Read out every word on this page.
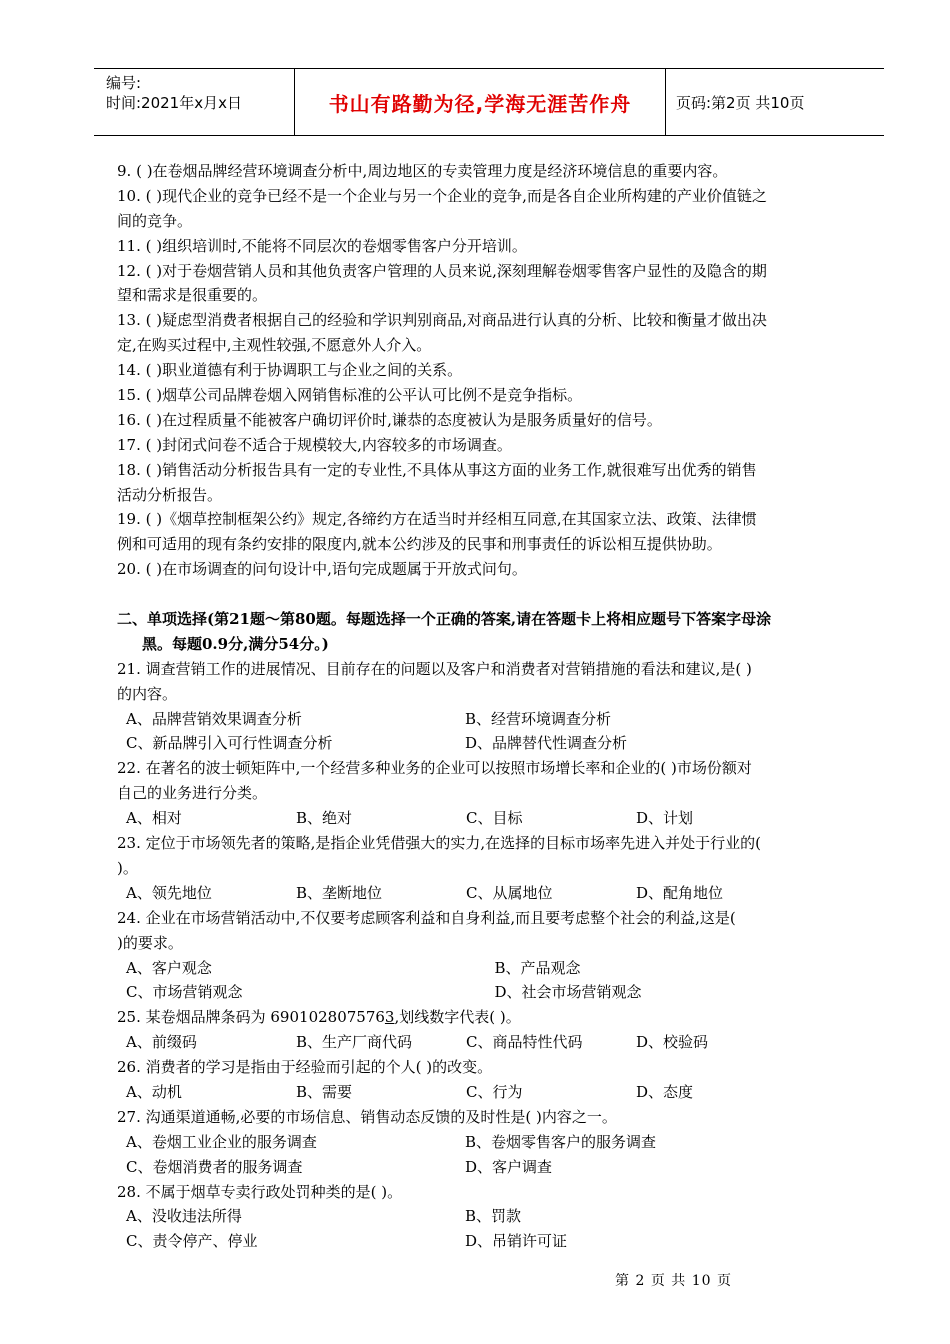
编号:
时间:2021年x月x日	书山有路勤为径,学海无涯苦作舟	页码:第2页 共10页
9. ( )在卷烟品牌经营环境调查分析中,周边地区的专卖管理力度是经济环境信息的重要内容。
10. ( )现代企业的竞争已经不是一个企业与另一个企业的竞争,而是各自企业所构建的产业价值链之
间的竞争。
11. ( )组织培训时,不能将不同层次的卷烟零售客户分开培训。
12. ( )对于卷烟营销人员和其他负责客户管理的人员来说,深刻理解卷烟零售客户显性的及隐含的期
望和需求是很重要的。
13. ( )疑虑型消费者根据自己的经验和学识判别商品,对商品进行认真的分析、比较和衡量才做出决
定,在购买过程中,主观性较强,不愿意外人介入。
14. ( )职业道德有利于协调职工与企业之间的关系。
15. ( )烟草公司品牌卷烟入网销售标准的公平认可比例不是竞争指标。
16. ( )在过程质量不能被客户确切评价时,谦恭的态度被认为是服务质量好的信号。
17. ( )封闭式问卷不适合于规模较大,内容较多的市场调查。
18. ( )销售活动分析报告具有一定的专业性,不具体从事这方面的业务工作,就很难写出优秀的销售
活动分析报告。
19. ( )《烟草控制框架公约》规定,各缔约方在适当时并经相互同意,在其国家立法、政策、法律惯
例和可适用的现有条约安排的限度内,就本公约涉及的民事和刑事责任的诉讼相互提供协助。
20. ( )在市场调查的问句设计中,语句完成题属于开放式问句。
二、单项选择(第21题～第80题。每题选择一个正确的答案,请在答题卡上将相应题号下答案字母涂
黑。每题0.9分,满分54分。)
21. 调查营销工作的进展情况、目前存在的问题以及客户和消费者对营销措施的看法和建议,是( )
的内容。
A、品牌营销效果调查分析	B、经营环境调查分析
C、新品牌引入可行性调查分析	D、品牌替代性调查分析
22. 在著名的波士顿矩阵中,一个经营多种业务的企业可以按照市场增长率和企业的( )市场份额对
自己的业务进行分类。
A、相对	B、绝对	C、目标	D、计划
23. 定位于市场领先者的策略,是指企业凭借强大的实力,在选择的目标市场率先进入并处于行业的(
)。
A、领先地位	B、垄断地位	C、从属地位	D、配角地位
24. 企业在市场营销活动中,不仅要考虑顾客利益和自身利益,而且要考虑整个社会的利益,这是(
)的要求。
A、客户观念	B、产品观念
C、市场营销观念	D、社会市场营销观念
25. 某卷烟品牌条码为 6901028075763,划线数字代表( )。
A、前缀码	B、生产厂商代码	C、商品特性代码	D、校验码
26. 消费者的学习是指由于经验而引起的个人( )的改变。
A、动机	B、需要	C、行为	D、态度
27. 沟通渠道通畅,必要的市场信息、销售动态反馈的及时性是( )内容之一。
A、卷烟工业企业的服务调查	B、卷烟零售客户的服务调查
C、卷烟消费者的服务调查	D、客户调查
28. 不属于烟草专卖行政处罚种类的是( )。
A、没收违法所得	B、罚款
C、责令停产、停业	D、吊销许可证
第 2 页 共 10 页
